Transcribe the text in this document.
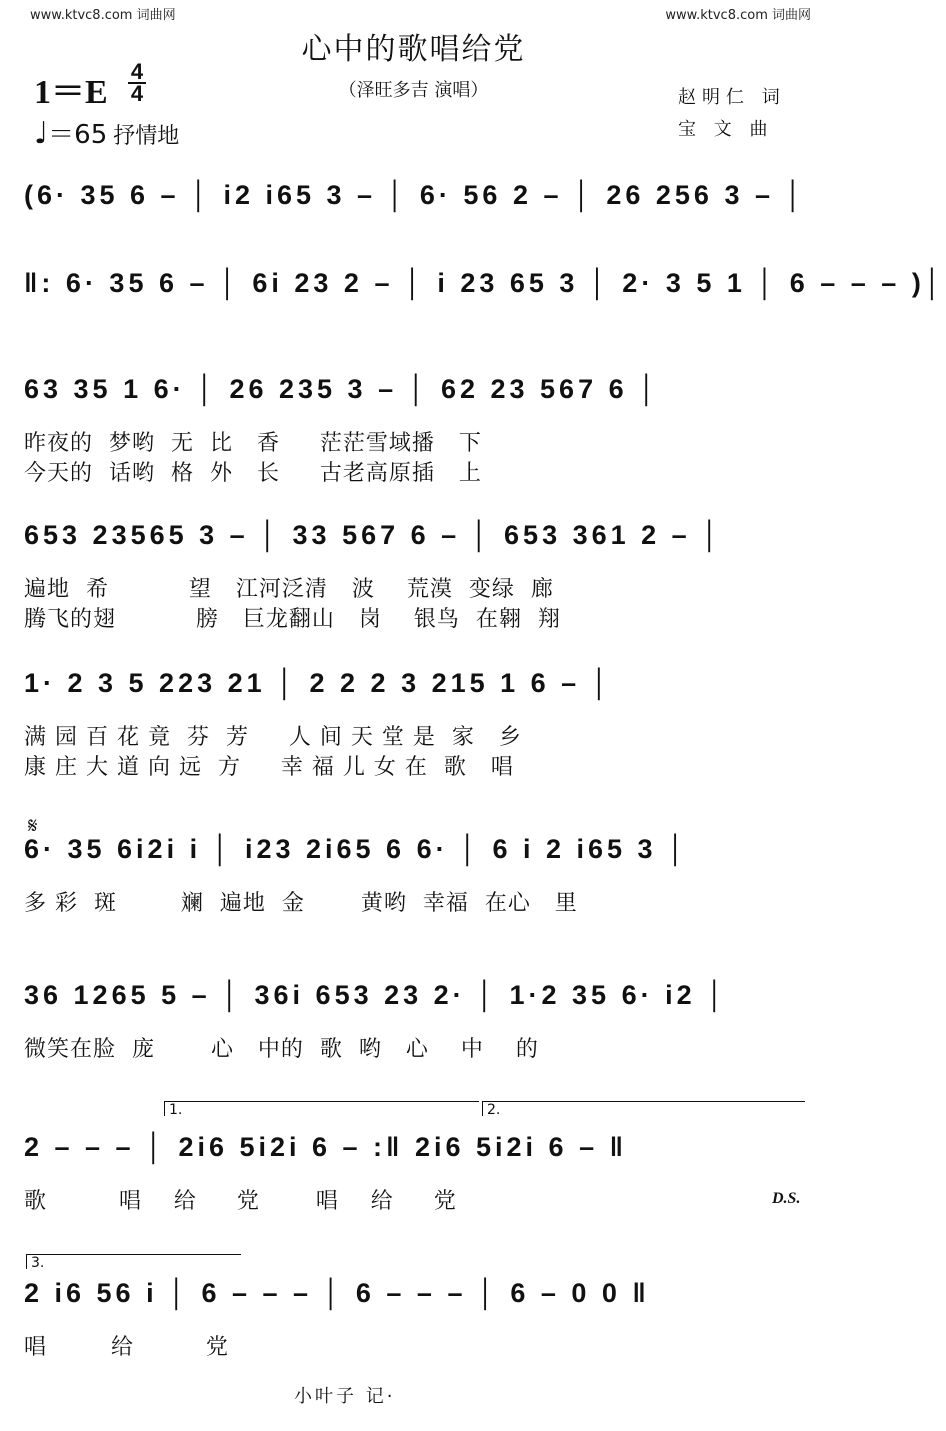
www.ktvc8.com 词曲网	www.ktvc8.com 词曲网
心中的歌唱给党
（泽旺多吉 演唱）
1＝E
4
4
♩＝65 抒情地
赵明仁 词
宝 文 曲
(6· 35 6 – │ i2 i65 3 – │ 6· 56 2 – │ 26 256 3 – │
‖: 6· 35 6 – │ 6i 23 2 – │ i 23 65 3 │ 2· 3 5 1 │ 6 – – – )│
63 35 1 6· │ 26 235 3 – │ 62 23 567 6 │
昨夜的  梦哟  无  比   香     茫茫雪域播   下
今天的  话哟  格  外   长     古老高原插   上
653 23565 3 – │ 33 567 6 – │ 653 361 2 – │
遍地  希          望   江河泛清   波    荒漠  变绿  廊
腾飞的翅          膀   巨龙翻山   岗    银鸟  在翱  翔
1· 2 3 5 223 21 │ 2 2 2 3 215 1 6 – │
满 园 百 花 竟  芬  芳     人 间 天 堂 是  家   乡
康 庄 大 道 向 远  方     幸 福 儿 女 在  歌   唱
6· 35 6i2i i │ i23 2i65 6 6· │ 6 i 2 i65 3 │
多 彩  斑        斓  遍地  金       黄哟  幸福  在心   里
36 1265 5 – │ 36i 653 23 2· │ 1·2 35 6· i2 │
微笑在脸  庞       心   中的  歌  哟   心    中    的
2 – – – │ 2i6 5i2i 6 – :‖ 2i6 5i2i 6 – ‖
歌         唱    给     党       唱    给     党
2 i6 56 i │ 6 – – – │ 6 – – – │ 6 – 0 0 ‖
唱        给         党
𝄋
1.	2.
3.
D.S.
小叶子 记·
